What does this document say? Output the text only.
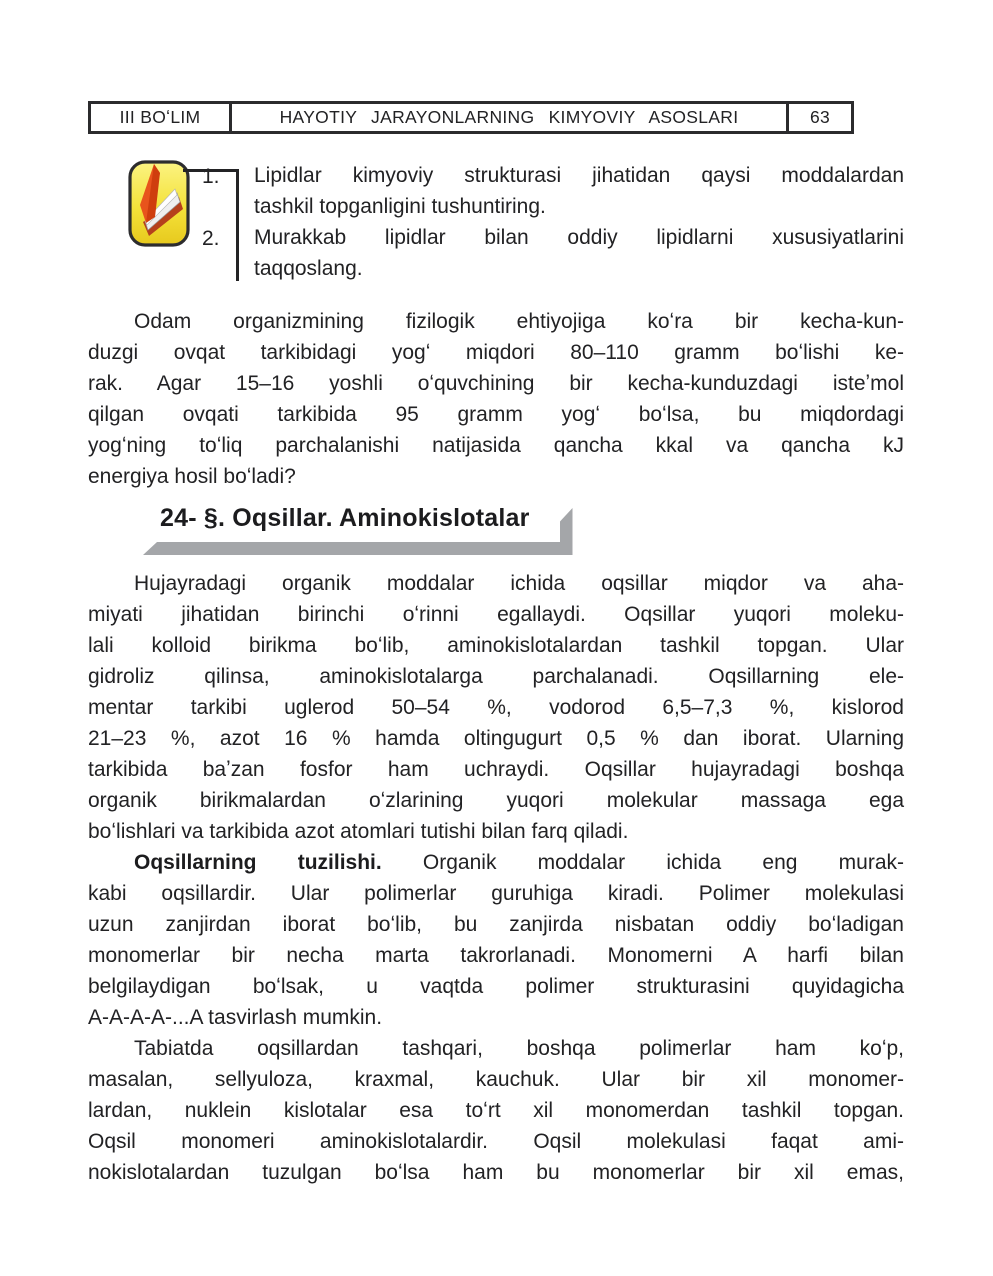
III BOʻLIM	HAYOTIY JARAYONLARNING KIMYOVIY ASOSLARI	63
1.	Lipidlar kimyoviy strukturasi jihatidan qaysi moddalardan
tashkil topganligini tushuntiring.
2.	Murakkab lipidlar bilan oddiy lipidlarni xususiyatlarini
taqqoslang.
Odam organizmining fizilogik ehtiyojiga koʻra bir kecha-kun-
duzgi ovqat tarkibidagi yogʻ miqdori 80–110 gramm boʻlishi ke-
rak. Agar 15–16 yoshli oʻquvchining bir kecha-kunduzdagi isteʼmol
qilgan ovqati tarkibida 95 gramm yogʻ boʻlsa, bu miqdordagi
yogʻning toʻliq parchalanishi natijasida qancha kkal va qancha kJ
energiya hosil boʻladi?
24- §. Oqsillar. Aminokislotalar
Hujayradagi organik moddalar ichida oqsillar miqdor va aha-
miyati jihatidan birinchi oʻrinni egallaydi. Oqsillar yuqori moleku-
lali kolloid birikma boʻlib, aminokislotalardan tashkil topgan. Ular
gidroliz qilinsa, aminokislotalarga parchalanadi. Oqsillarning ele-
mentar tarkibi uglerod 50–54 %, vodorod 6,5–7,3 %, kislorod
21–23 %, azot 16 % hamda oltingugurt 0,5 % dan iborat. Ularning
tarkibida baʼzan fosfor ham uchraydi. Oqsillar hujayradagi boshqa
organik birikmalardan oʻzlarining yuqori molekular massaga ega
boʻlishlari va tarkibida azot atomlari tutishi bilan farq qiladi.
Oqsillarning tuzilishi. Organik moddalar ichida eng murak-
kabi oqsillardir. Ular polimerlar guruhiga kiradi. Polimer molekulasi
uzun zanjirdan iborat boʻlib, bu zanjirda nisbatan oddiy boʻladigan
monomerlar bir necha marta takrorlanadi. Monomerni A harfi bilan
belgilaydigan boʻlsak, u vaqtda polimer strukturasini quyidagicha
A-A-A-A-...A tasvirlash mumkin.
Tabiatda oqsillardan tashqari, boshqa polimerlar ham koʻp,
masalan, sellyuloza, kraxmal, kauchuk. Ular bir xil monomer-
lardan, nuklein kislotalar esa toʻrt xil monomerdan tashkil topgan.
Oqsil monomeri aminokislotalardir. Oqsil molekulasi faqat ami-
nokislotalardan tuzulgan boʻlsa ham bu monomerlar bir xil emas,
